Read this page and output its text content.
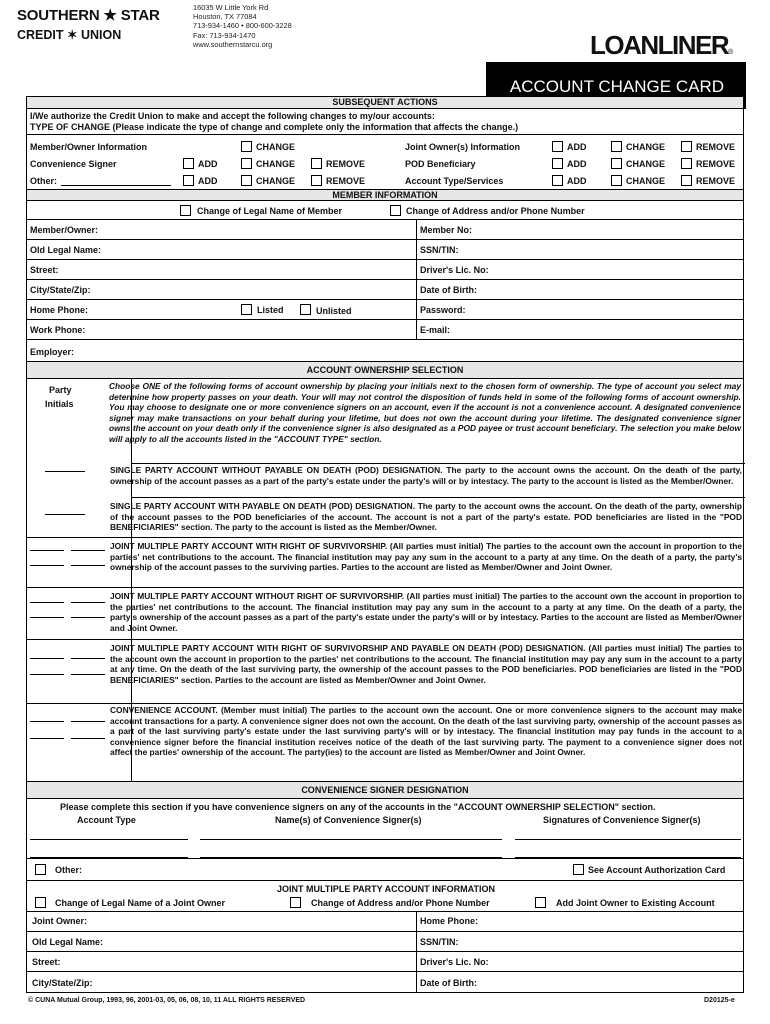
SOUTHERN ★ STAR
CREDIT ✶ UNION
16035 W Little York Rd
Houston, TX 77084
713-934-1460 • 800-600-3228
Fax: 713-934-1470
www.southernstarcu.org	LOANLINER®
ACCOUNT CHANGE CARD
SUBSEQUENT ACTIONS
I/We authorize the Credit Union to make and accept the following changes to my/our accounts:
TYPE OF CHANGE (Please indicate the type of change and complete only the information that affects the change.)
Member/Owner Information	CHANGE	Joint Owner(s) Information	ADD	CHANGE	REMOVE
Convenience Signer	ADD	CHANGE	REMOVE	POD Beneficiary	ADD	CHANGE	REMOVE
Other:	ADD	CHANGE	REMOVE	Account Type/Services	ADD	CHANGE	REMOVE
MEMBER INFORMATION
Change of Legal Name of Member	Change of Address and/or Phone Number
Member/Owner:	Member No:
Old Legal Name:	SSN/TIN:
Street:	Driver's Lic. No:
City/State/Zip:	Date of Birth:
Home Phone:	Listed	Unlisted	Password:
Work Phone:	E-mail:
Employer:
ACCOUNT OWNERSHIP SELECTION
Party
Initials
Choose ONE of the following forms of account ownership by placing your initials next to the chosen form of ownership. The type of account you select may determine how property passes on your death. Your will may not control the disposition of funds held in some of the following forms of account ownership. You may choose to designate one or more convenience signers on an account, even if the account is not a convenience account. A designated convenience signer may make transactions on your behalf during your lifetime, but does not own the account during your lifetime. The designated convenience signer owns the account on your death only if the convenience signer is also designated as a POD payee or trust account beneficiary. The selection you make below will apply to all the accounts listed in the "ACCOUNT TYPE" section.
SINGLE PARTY ACCOUNT WITHOUT PAYABLE ON DEATH (POD) DESIGNATION. The party to the account owns the account. On the death of the party, ownership of the account passes as a part of the party's estate under the party's will or by intestacy. The party to the account is listed as the Member/Owner.
SINGLE PARTY ACCOUNT WITH PAYABLE ON DEATH (POD) DESIGNATION. The party to the account owns the account. On the death of the party, ownership of the account passes to the POD beneficiaries of the account. The account is not a part of the party's estate. POD beneficiaries are listed in the "POD BENEFICIARIES" section. The party to the account is listed as the Member/Owner.
JOINT MULTIPLE PARTY ACCOUNT WITH RIGHT OF SURVIVORSHIP. (All parties must initial) The parties to the account own the account in proportion to the parties' net contributions to the account. The financial institution may pay any sum in the account to a party at any time. On the death of a party, the party's ownership of the account passes to the surviving parties. Parties to the account are listed as Member/Owner and Joint Owner.
JOINT MULTIPLE PARTY ACCOUNT WITHOUT RIGHT OF SURVIVORSHIP. (All parties must initial) The parties to the account own the account in proportion to the parties' net contributions to the account. The financial institution may pay any sum in the account to a party at any time. On the death of a party, the party's ownership of the account passes as a part of the party's estate under the party's will or by intestacy. Parties to the account are listed as Member/Owner and Joint Owner.
JOINT MULTIPLE PARTY ACCOUNT WITH RIGHT OF SURVIVORSHIP AND PAYABLE ON DEATH (POD) DESIGNATION. (All parties must initial) The parties to the account own the account in proportion to the parties' net contributions to the account. The financial institution may pay any sum in the account to a party at any time. On the death of the last surviving party, the ownership of the account passes to the POD beneficiaries. POD beneficiaries are listed in the "POD BENEFICIARIES" section. Parties to the account are listed as Member/Owner and Joint Owner.
CONVENIENCE ACCOUNT. (Member must initial) The parties to the account own the account. One or more convenience signers to the account may make account transactions for a party. A convenience signer does not own the account. On the death of the last surviving party, ownership of the account passes as a part of the last surviving party's estate under the last surviving party's will or by intestacy. The financial institution may pay funds in the account to a convenience signer before the financial institution receives notice of the death of the last surviving party. The payment to a convenience signer does not affect the parties' ownership of the account. The party(ies) to the account are listed as Member/Owner and Joint Owner.
CONVENIENCE SIGNER DESIGNATION
Please complete this section if you have convenience signers on any of the accounts in the "ACCOUNT OWNERSHIP SELECTION" section.
Account Type	Name(s) of Convenience Signer(s)	Signatures of Convenience Signer(s)
Other:	See Account Authorization Card
JOINT MULTIPLE PARTY ACCOUNT INFORMATION
Change of Legal Name of a Joint Owner	Change of Address and/or Phone Number	Add Joint Owner to Existing Account
Joint Owner:	Home Phone:
Old Legal Name:	SSN/TIN:
Street:	Driver's Lic. No:
City/State/Zip:	Date of Birth:
© CUNA Mutual Group, 1993, 96, 2001-03, 05, 06, 08, 10, 11 ALL RIGHTS RESERVED	D20125-e
